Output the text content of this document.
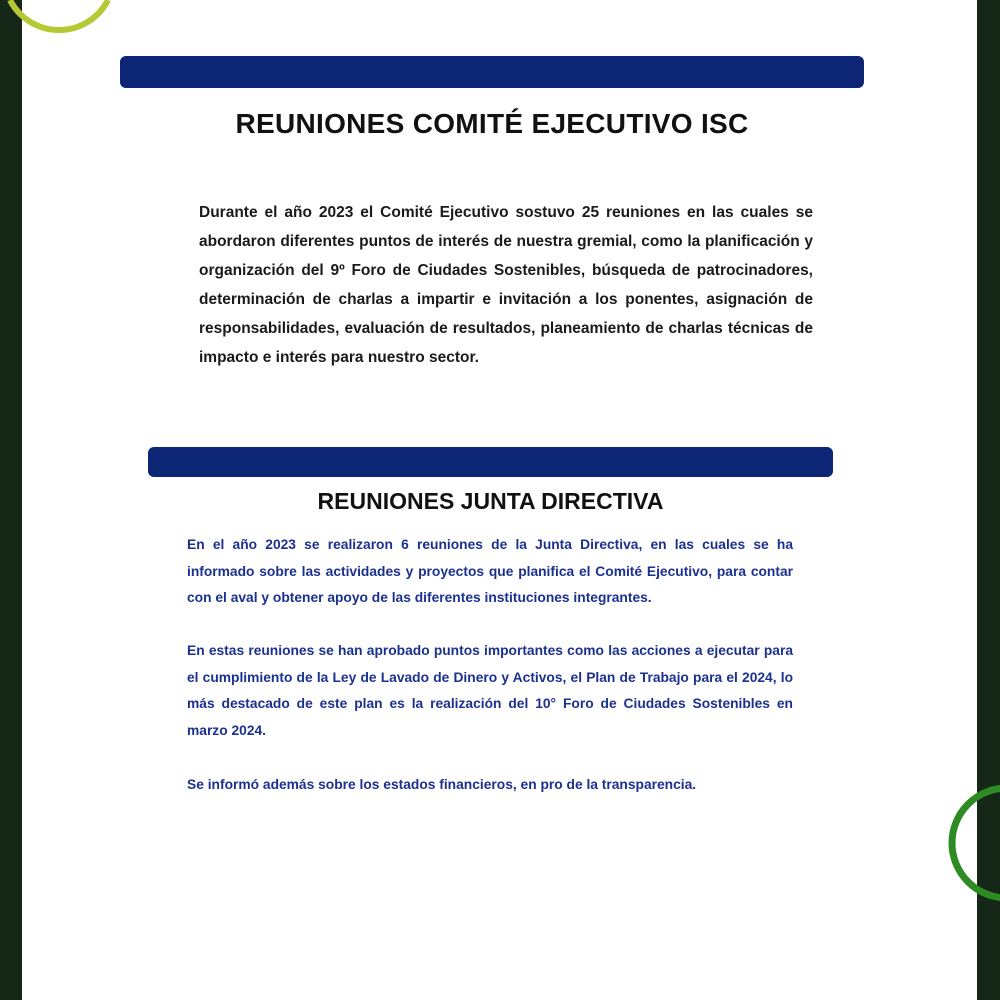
REUNIONES COMITÉ EJECUTIVO ISC

Durante el año 2023 el Comité Ejecutivo sostuvo 25 reuniones en las cuales se abordaron diferentes puntos de interés de nuestra gremial, como la planificación y organización del 9º Foro de Ciudades Sostenibles, búsqueda de patrocinadores, determinación de charlas a impartir e invitación a los ponentes, asignación de responsabilidades, evaluación de resultados, planeamiento de charlas técnicas de impacto e interés para nuestro sector.

REUNIONES JUNTA DIRECTIVA

En el año 2023 se realizaron 6 reuniones de la Junta Directiva, en las cuales se ha informado sobre las actividades y proyectos que planifica el Comité Ejecutivo, para contar con el aval y obtener apoyo de las diferentes instituciones integrantes.

En estas reuniones se han aprobado puntos importantes como las acciones a ejecutar para el cumplimiento de la Ley de Lavado de Dinero y Activos, el Plan de Trabajo para el 2024, lo más destacado de este plan es la realización del 10° Foro de Ciudades Sostenibles en marzo 2024.

Se informó además sobre los estados financieros, en pro de la transparencia.
